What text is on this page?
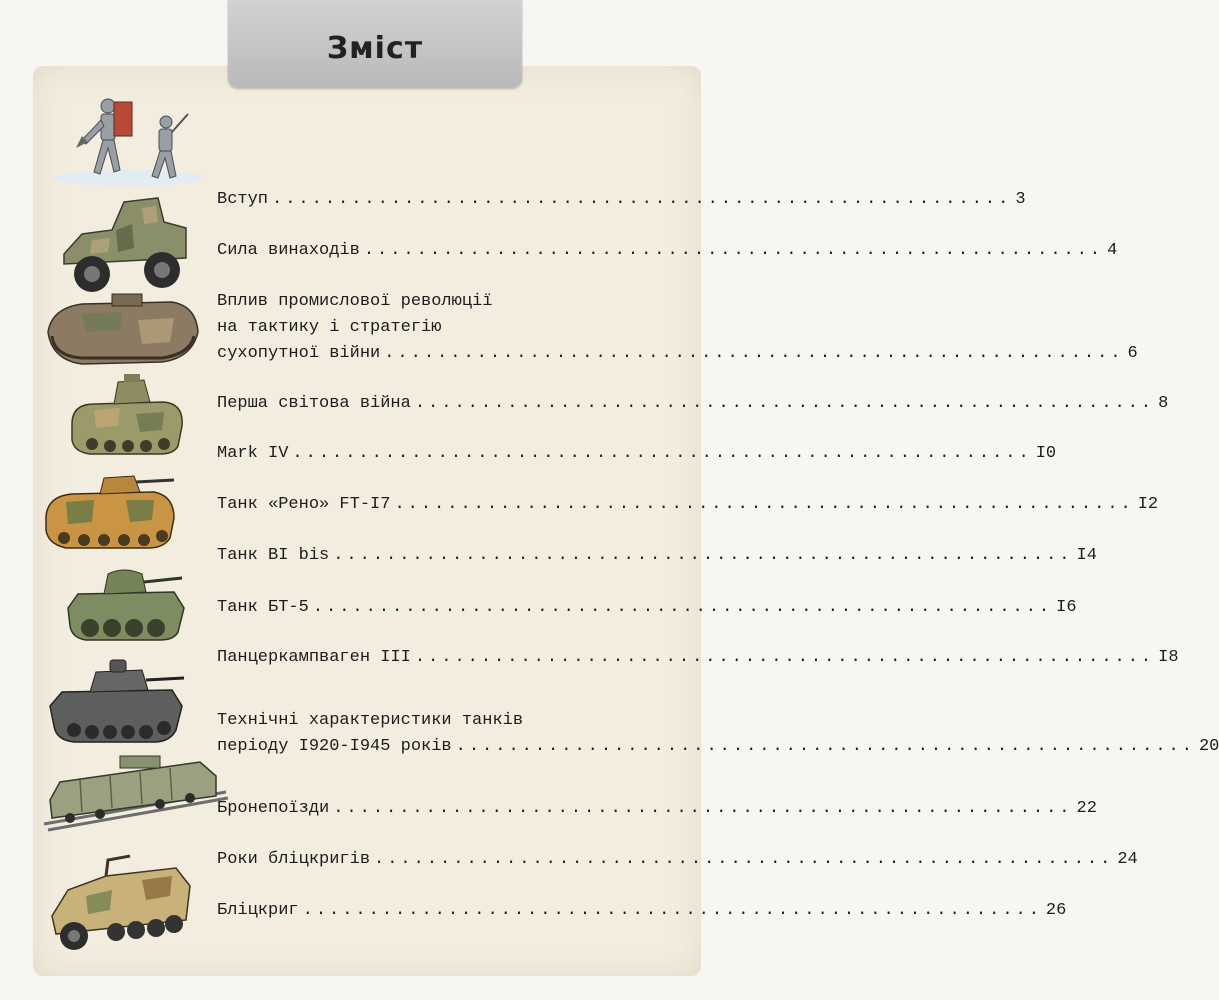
Зміст
Вступ ........................................................ 3
Сила винаходів ........................................................ 4
Вплив промислової революції
на тактику і стратегію
сухопутної війни ........................................................ 6
Перша світова війна ........................................................ 8
Mark IV ........................................................ I0
Танк «Рено» FT-I7 ........................................................ I2
Танк BI bis ........................................................ I4
Танк БТ-5 ........................................................ I6
Панцеркампваген III ........................................................ I8
Технічні характеристики танків
періоду I920-I945 років ........................................................ 20
Бронепоїзди ........................................................ 22
Роки бліцкригів ........................................................ 24
Бліцкриг ........................................................ 26
